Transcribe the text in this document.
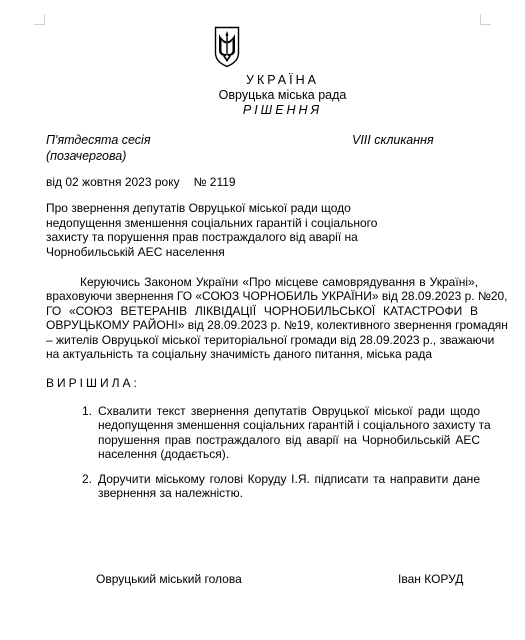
УКРАЇНА
Овруцька міська рада
РІШЕННЯ
П'ятдесята сесія
(позачергова)
VIII скликання
від 02 жовтня 2023 року № 2119
Про звернення депутатів Овруцької міської ради щодо
недопущення зменшення соціальних гарантій і соціального
захисту та порушення прав постраждалого від аварії на
Чорнобильській АЕС населення
Керуючись Законом України «Про місцеве самоврядування в Україні»,
враховуючи звернення ГО «СОЮЗ ЧОРНОБИЛЬ УКРАЇНИ» від 28.09.2023 р. №20,
ГО «СОЮЗ ВЕТЕРАНІВ ЛІКВІДАЦІЇ ЧОРНОБИЛЬСЬКОЇ КАТАСТРОФИ В
ОВРУЦЬКОМУ РАЙОНІ» від 28.09.2023 р. №19, колективного звернення громадян
– жителів Овруцької міської територіальної громади від 28.09.2023 р., зважаючи
на актуальність та соціальну значимість даного питання, міська рада
ВИРІШИЛА:
1. Схвалити текст звернення депутатів Овруцької міської ради щодо
недопущення зменшення соціальних гарантій і соціального захисту та
порушення прав постраждалого від аварії на Чорнобильській АЕС
населення (додається).
2. Доручити міському голові Коруду І.Я. підписати та направити дане
звернення за належністю.
Овруцький міський голова	Іван КОРУД
